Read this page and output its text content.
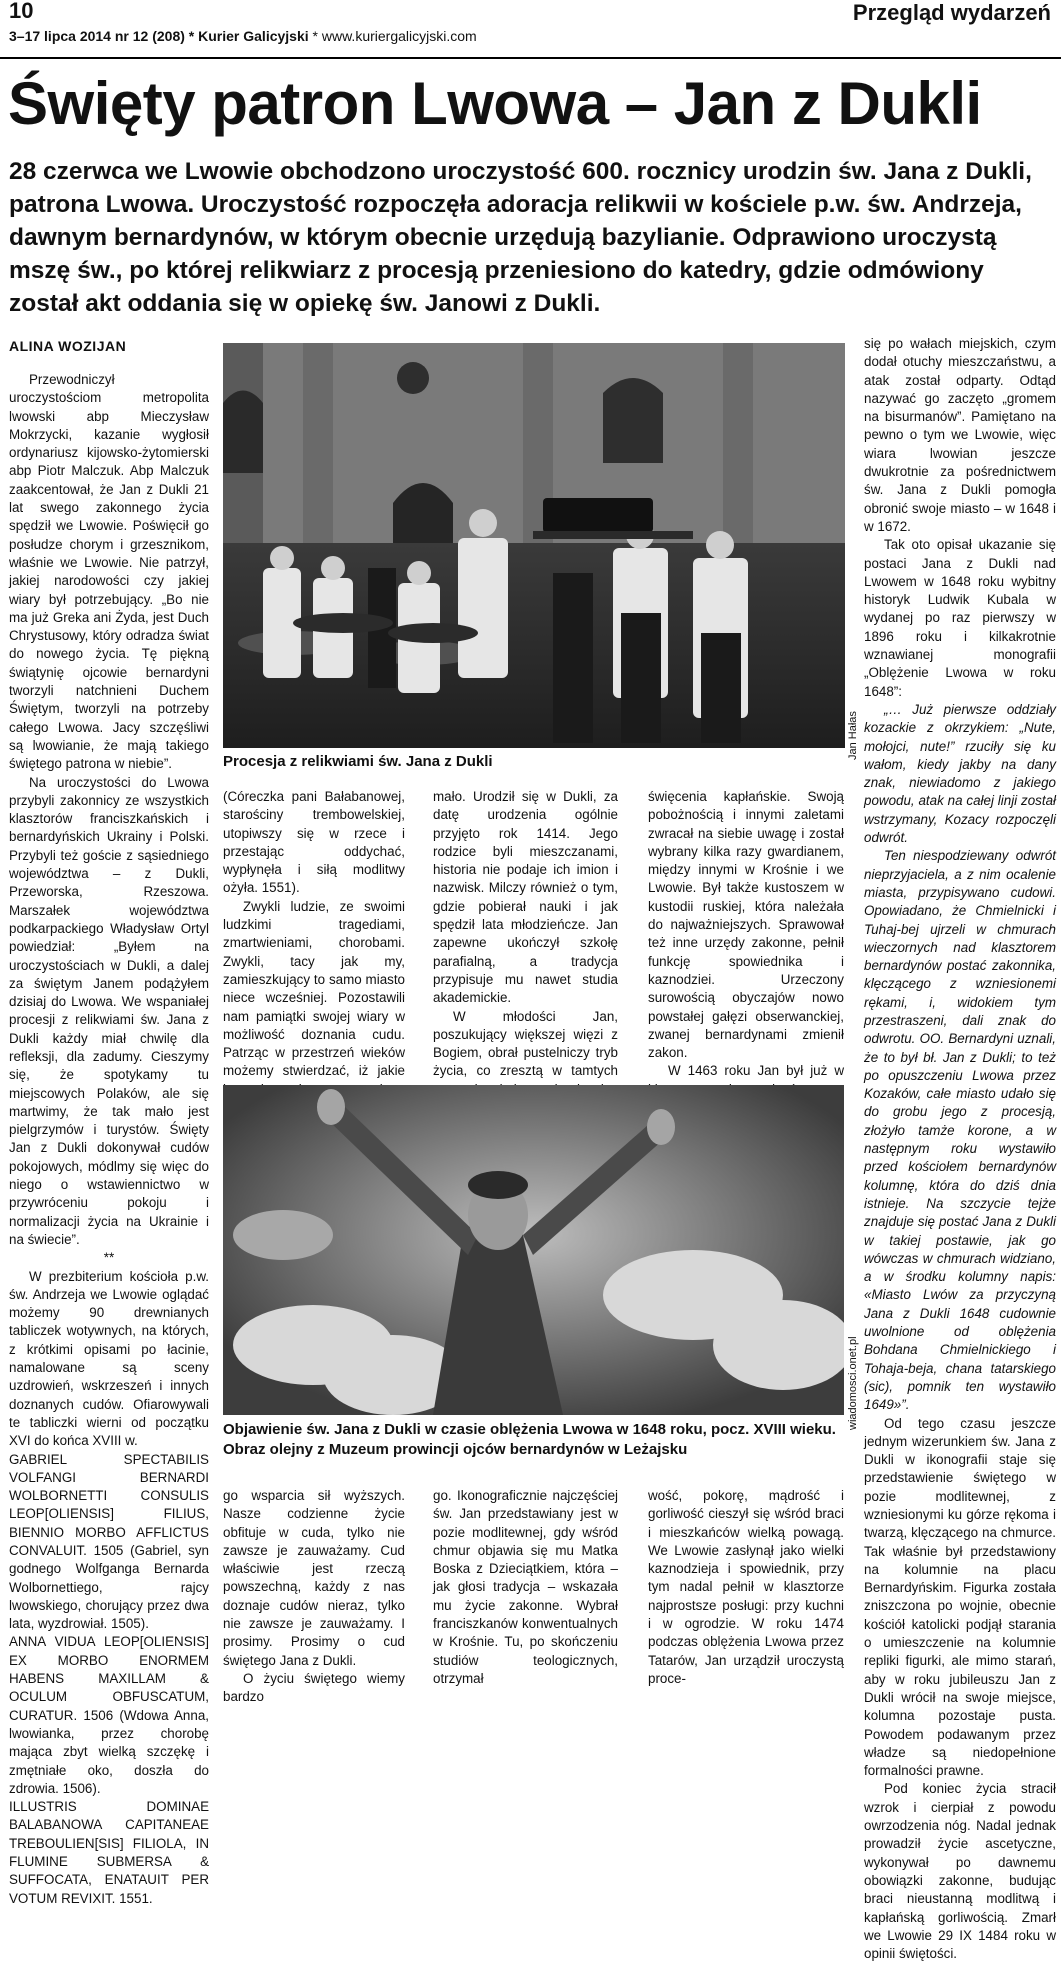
10
3–17 lipca 2014 nr 12 (208) * Kurier Galicyjski * www.kuriergalicyjski.com
Przegląd wydarzeń
Święty patron Lwowa – Jan z Dukli
28 czerwca we Lwowie obchodzono uroczystość 600. rocznicy urodzin św. Jana z Dukli, patrona Lwowa. Uroczystość rozpoczęła adoracja relikwii w kościele p.w. św. Andrzeja, dawnym bernardynów, w którym obecnie urzędują bazylianie. Odprawiono uroczystą mszę św., po której relikwiarz z procesją przeniesiono do katedry, gdzie odmówiony został akt oddania się w opiekę św. Janowi z Dukli.
ALINA WOZIJAN

Przewodniczył uroczystościom metropolita lwowski abp Mieczysław Mokrzycki, kazanie wygłosił ordynariusz kijowsko-żytomierski abp Piotr Malczuk. Abp Malczuk zaakcentował, że Jan z Dukli 21 lat swego zakonnego życia spędził we Lwowie. Poświęcił go posłudze chorym i grzesznikom, właśnie we Lwowie. Nie patrzył, jakiej narodowości czy jakiej wiary był potrzebujący. „Bo nie ma już Greka ani Żyda, jest Duch Chrystusowy, który odradza świat do nowego życia. Tę piękną świątynię ojcowie bernardyni tworzyli natchnieni Duchem Świętym, tworzyli na potrzeby całego Lwowa. Jacy szczęśliwi są lwowianie, że mają takiego świętego patrona w niebie”.

Na uroczystości do Lwowa przybyli zakonnicy ze wszystkich klasztorów franciszkańskich i bernardyńskich Ukrainy i Polski. Przybyli też goście z sąsiedniego województwa – z Dukli, Przeworska, Rzeszowa. Marszałek województwa podkarpackiego Władysław Ortyl powiedział: „Byłem na uroczystościach w Dukli, a dalej za świętym Janem podążyłem dzisiaj do Lwowa. We wspaniałej procesji z relikwiami św. Jana z Dukli każdy miał chwilę dla refleksji, dla zadumy. Cieszymy się, że spotykamy tu miejscowych Polaków, ale się martwimy, że tak mało jest pielgrzymów i turystów. Święty Jan z Dukli dokonywał cudów pokojowych, módlmy się więc do niego o wstawiennictwo w przywróceniu pokoju i normalizacji życia na Ukrainie i na świecie”.

**

W prezbiterium kościoła p.w. św. Andrzeja we Lwowie oglądać możemy 90 drewnianych tabliczek wotywnych, na których, z krótkimi opisami po łacinie, namalowane są sceny uzdrowień, wskrzeszeń i innych doznanych cudów. Ofiarowywali te tabliczki wierni od początku XVI do końca XVIII w.

GABRIEL SPECTABILIS VOLFANGI BERNARDI WOLBORNETTI CONSULIS LEOP[OLIENSIS] FILIUS, BIENNIO MORBO AFFLICTUS CONVALUIT. 1505 (Gabriel, syn godnego Wolfganga Bernarda Wolbornettiego, rajcy lwowskiego, chorujący przez dwa lata, wyzdrowiał. 1505).

ANNA VIDUA LEOP[OLIENSIS] EX MORBO ENORMEM HABENS MAXILLAM & OCULUM OBFUSCATUM, CURATUR. 1506 (Wdowa Anna, lwowianka, przez chorobę mająca zbyt wielką szczękę i zmętniałe oko, doszła do zdrowia. 1506).

ILLUSTRIS DOMINAE BALABANOWA CAPITANEAE TREBOULIEN[SIS] FILIOLA, IN FLUMINE SUBMERSA & SUFFOCATA, ENATAUIT PER VOTUM REVIXIT. 1551.

Jan Hałas
Procesja z relikwiami św. Jana z Dukli

(Córeczka pani Bałabanowej, starościny trembowelskiej, utopiwszy się w rzece i przestając oddychać, wypłynęła i siłą modlitwy ożyła. 1551).

Zwykli ludzie, ze swoimi ludzkimi tragediami, zmartwieniami, chorobami. Zwykli, tacy jak my, zamieszkujący to samo miasto niece wcześniej. Pozostawili nam pamiątki swojej wiary w możliwość doznania cudu. Patrząc w przestrzeń wieków możemy stwierdzać, iż jakie

mało. Urodził się w Dukli, za datę urodzenia ogólnie przyjęto rok 1414. Jego rodzice byli mieszczanami, historia nie podaje ich imion i nazwisk. Milczy również o tym, gdzie pobierał nauki i jak spędził lata młodzieńcze. Jan zapewne ukończył szkołę parafialną, a tradycja przypisuje mu nawet studia akademickie.

W młodości Jan, poszukujący większej więzi z Bogiem, obrał pustelniczy tryb życia, co zresztą w tamtych

święcenia kapłańskie. Swoją pobożnością i innymi zaletami zwracał na siebie uwagę i został wybrany kilka razy gwardianem, między innymi w Krośnie i we Lwowie. Był także kustoszem w kustodii ruskiej, która należała do najważniejszych. Sprawował też inne urzędy zakonne, pełnił funkcję spowiednika i kaznodziei. Urzeczony surowością obyczajów nowo powstałej gałęzi obserwanckiej, zwanej bernardynami zmienił zakon.

W 1463 roku Jan był już w

wiadomosci.onet.pl
Objawienie św. Jana z Dukli w czasie oblężenia Lwowa w 1648 roku, pocz. XVIII wieku. Obraz olejny z Muzeum prowincji ojców bernardynów w Leżajsku

go wsparcia sił wyższych. Nasze codzienne życie obfituje w cuda, tylko nie zawsze je zauważamy. Cud właściwie jest rzeczą powszechną, każdy z nas doznaje cudów nieraz, tylko nie zawsze je zauważamy. I prosimy. Prosimy o cud świętego Jana z Dukli.

O życiu świętego wiemy bardzo

go. Ikonograficznie najczęściej św. Jan przedstawiany jest w pozie modlitewnej, gdy wśród chmur objawia się mu Matka Boska z Dzieciątkiem, która – jak głosi tradycja – wskazała mu życie zakonne. Wybrał franciszkanów konwentualnych w Krośnie. Tu, po skończeniu studiów teologicznych, otrzymał

wość, pokorę, mądrość i gorliwość cieszył się wśród braci i mieszkańców wielką powagą. We Lwowie zasłynął jako wielki kaznodzieja i spowiednik, przy tym nadal pełnił w klasztorze najprostsze posługi: przy kuchni i w ogrodzie. W roku 1474 podczas oblężenia Lwowa przez Tatarów, Jan urządził uroczystą proce-

się po wałach miejskich, czym dodał otuchy mieszczaństwu, a atak został odparty. Odtąd nazywać go zaczęto „gromem na bisurmanów”. Pamiętano na pewno o tym we Lwowie, więc wiara lwowian jeszcze dwukrotnie za pośrednictwem św. Jana z Dukli pomogła obronić swoje miasto – w 1648 i w 1672.

Tak oto opisał ukazanie się postaci Jana z Dukli nad Lwowem w 1648 roku wybitny historyk Ludwik Kubala w wydanej po raz pierwszy w 1896 roku i kilkakrotnie wznawianej monografii „Oblężenie Lwowa w roku 1648”:

„… Już pierwsze oddziały kozackie z okrzykiem: „Nute, mołojci, nute!” rzuciły się ku wałom, kiedy jakby na dany znak, niewiadomo z jakiego powodu, atak na całej linji został wstrzymany, Kozacy rozpoczęli odwrót.

Ten niespodziewany odwrót nieprzyjaciela, a z nim ocalenie miasta, przypisywano cudowi. Opowiadano, że Chmielnicki i Tuhaj-bej ujrzeli w chmurach wieczornych nad klasztorem bernardynów postać zakonnika, klęczącego z wzniesionemi rękami, i, widokiem tym przestraszeni, dali znak do odwrotu. OO. Bernardyni uznali, że to był bł. Jan z Dukli; to też po opuszczeniu Lwowa przez Kozaków, całe miasto udało się do grobu jego z procesją, złożyło tamże korone, a w następnym roku wystawiło przed kościołem bernardynów kolumnę, która do dziś dnia istnieje. Na szczycie tejże znajduje się postać Jana z Dukli w takiej postawie, jak go wówczas w chmurach widziano, a w środku kolumny napis: «Miasto Lwów za przyczyną Jana z Dukli 1648 cudownie uwolnione od oblężenia Bohdana Chmielnickiego i Tohaja-beja, chana tatarskiego (sic), pomnik ten wystawiło 1649»”.

Od tego czasu jeszcze jednym wizerunkiem św. Jana z Dukli w ikonografii staje się przedstawienie świętego w pozie modlitewnej, z wzniesionymi ku górze rękoma i twarzą, klęczącego na chmurce. Tak właśnie był przedstawiony na kolumnie na placu Bernardyńskim. Figurka została zniszczona po wojnie, obecnie kościół katolicki podjął starania o umieszczenie na kolumnie repliki figurki, ale mimo starań, aby w roku jubileuszu Jan z Dukli wrócił na swoje miejsce, kolumna pozostaje pusta. Powodem podawanym przez władze są niedopełnione formalności prawne.

Pod koniec życia stracił wzrok i cierpiał z powodu owrzodzenia nóg. Nadal jednak prowadził życie ascetyczne, wykonywał po dawnemu obowiązki zakonne, budując braci nieustanną modlitwą i kapłańską gorliwością. Zmarł we Lwowie 29 IX 1484 roku w opinii świętości.
